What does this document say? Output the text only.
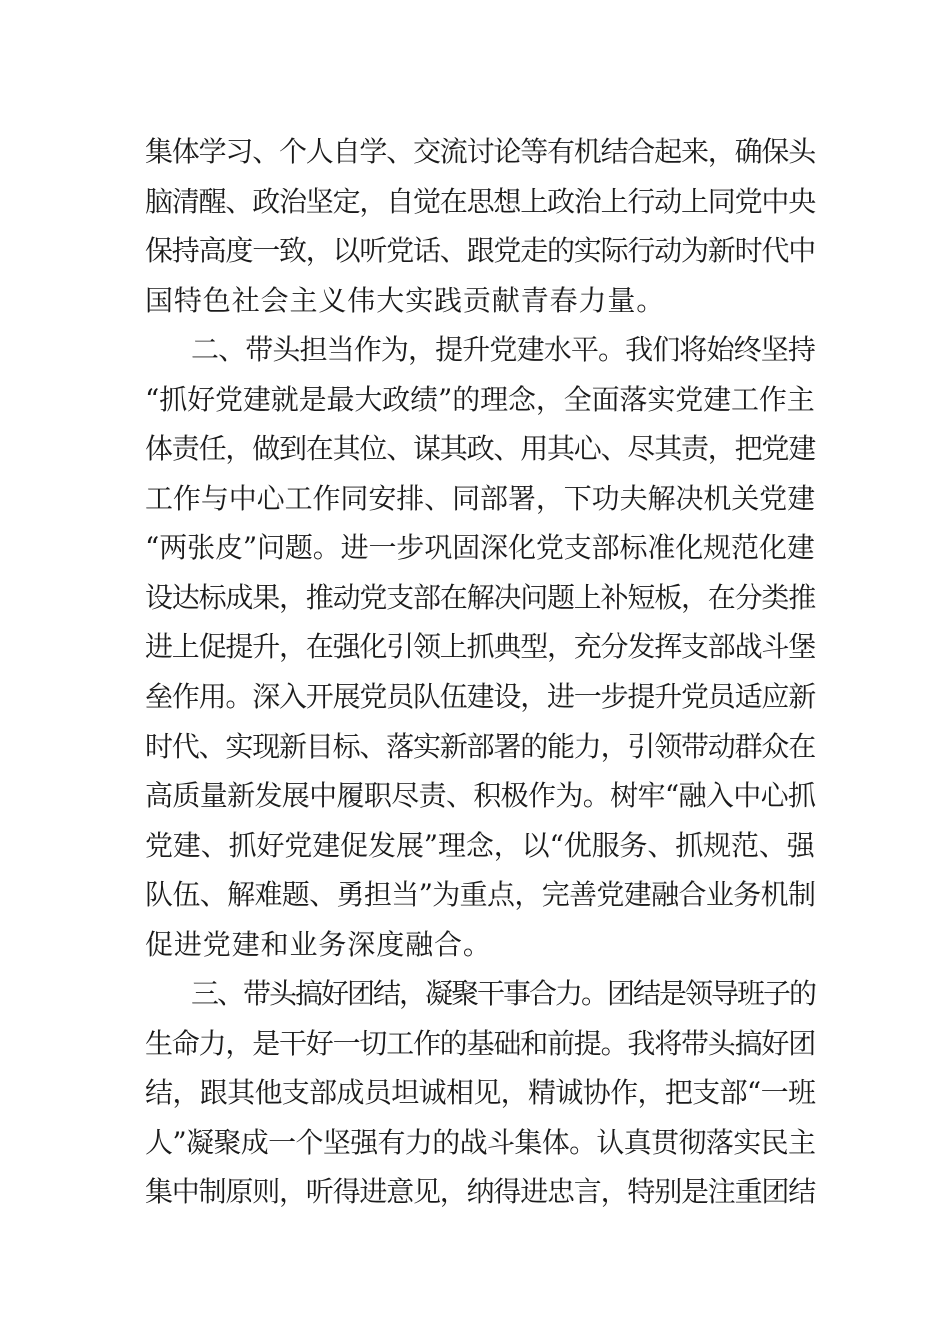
集体学习、个人自学、交流讨论等有机结合起来，确保头
脑清醒、政治坚定，自觉在思想上政治上行动上同党中央
保持高度一致，以听党话、跟党走的实际行动为新时代中
国特色社会主义伟大实践贡献青春力量。
二、带头担当作为，提升党建水平。我们将始终坚持
“抓好党建就是最大政绩”的理念，全面落实党建工作主
体责任，做到在其位、谋其政、用其心、尽其责，把党建
工作与中心工作同安排、同部署，下功夫解决机关党建
“两张皮”问题。进一步巩固深化党支部标准化规范化建
设达标成果，推动党支部在解决问题上补短板，在分类推
进上促提升，在强化引领上抓典型，充分发挥支部战斗堡
垒作用。深入开展党员队伍建设，进一步提升党员适应新
时代、实现新目标、落实新部署的能力，引领带动群众在
高质量新发展中履职尽责、积极作为。树牢“融入中心抓
党建、抓好党建促发展”理念，以“优服务、抓规范、强
队伍、解难题、勇担当”为重点，完善党建融合业务机制
促进党建和业务深度融合。
三、带头搞好团结，凝聚干事合力。团结是领导班子的
生命力，是干好一切工作的基础和前提。我将带头搞好团
结，跟其他支部成员坦诚相见，精诚协作，把支部“一班
人”凝聚成一个坚强有力的战斗集体。认真贯彻落实民主
集中制原则，听得进意见，纳得进忠言，特别是注重团结
